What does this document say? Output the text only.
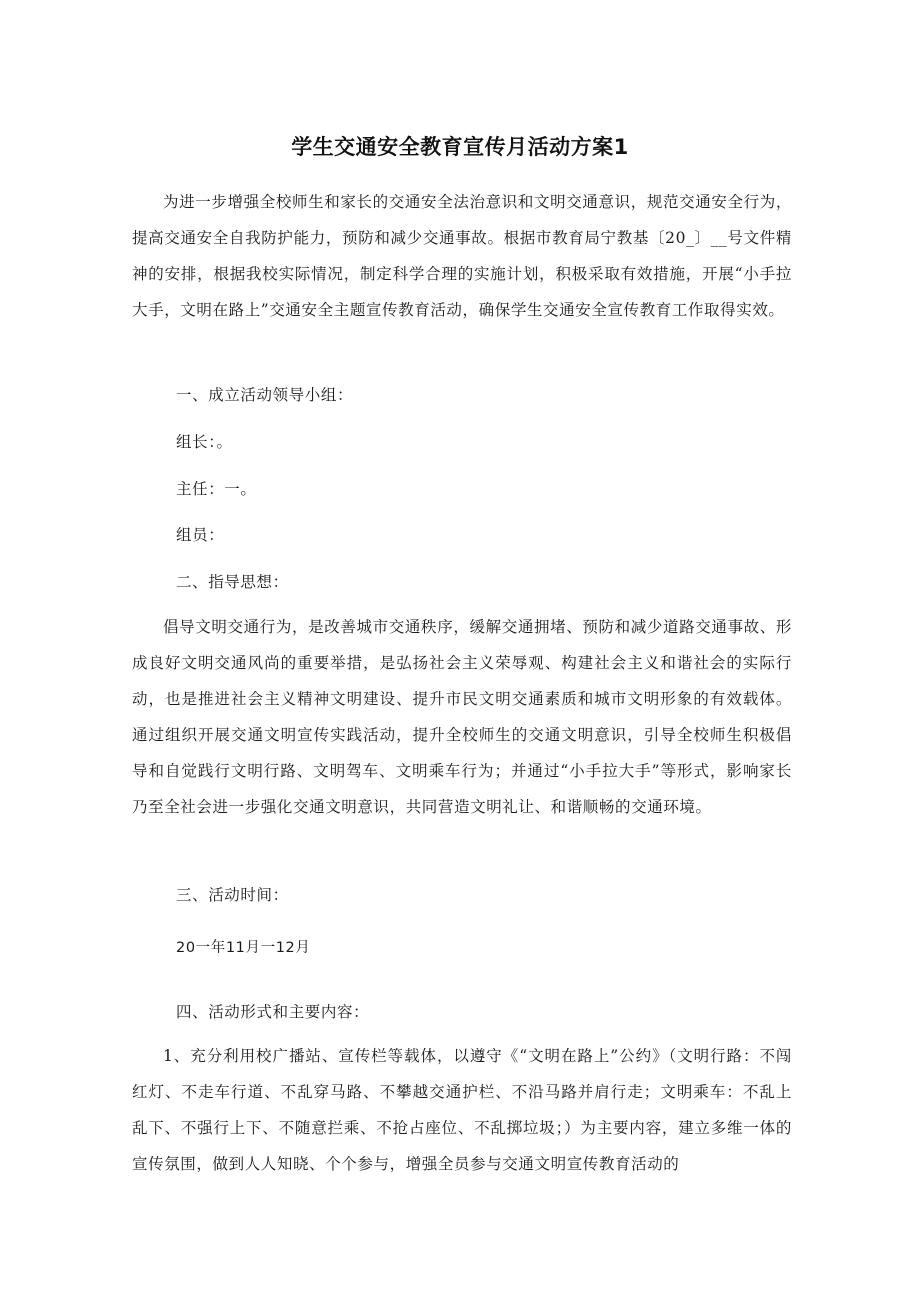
学生交通安全教育宣传月活动方案1

为进一步增强全校师生和家长的交通安全法治意识和文明交通意识，规范交通安全行为，提高交通安全自我防护能力，预防和减少交通事故。根据市教育局宁教基〔20_〕__号文件精神的安排，根据我校实际情况，制定科学合理的实施计划，积极采取有效措施，开展“小手拉大手，文明在路上”交通安全主题宣传教育活动，确保学生交通安全宣传教育工作取得实效。

一、成立活动领导小组：
组长：。
主任：一。
组员：
二、指导思想：

倡导文明交通行为，是改善城市交通秩序，缓解交通拥堵、预防和减少道路交通事故、形成良好文明交通风尚的重要举措，是弘扬社会主义荣辱观、构建社会主义和谐社会的实际行动，也是推进社会主义精神文明建设、提升市民文明交通素质和城市文明形象的有效载体。通过组织开展交通文明宣传实践活动，提升全校师生的交通文明意识，引导全校师生积极倡导和自觉践行文明行路、文明驾车、文明乘车行为；并通过“小手拉大手”等形式，影响家长乃至全社会进一步强化交通文明意识，共同营造文明礼让、和谐顺畅的交通环境。

三、活动时间：
20一年11月一12月
四、活动形式和主要内容：

1、充分利用校广播站、宣传栏等载体，以遵守《“文明在路上”公约》（文明行路：不闯红灯、不走车行道、不乱穿马路、不攀越交通护栏、不沿马路并肩行走；文明乘车：不乱上乱下、不强行上下、不随意拦乘、不抢占座位、不乱掷垃圾；）为主要内容，建立多维一体的宣传氛围，做到人人知晓、个个参与，增强全员参与交通文明宣传教育活动的
